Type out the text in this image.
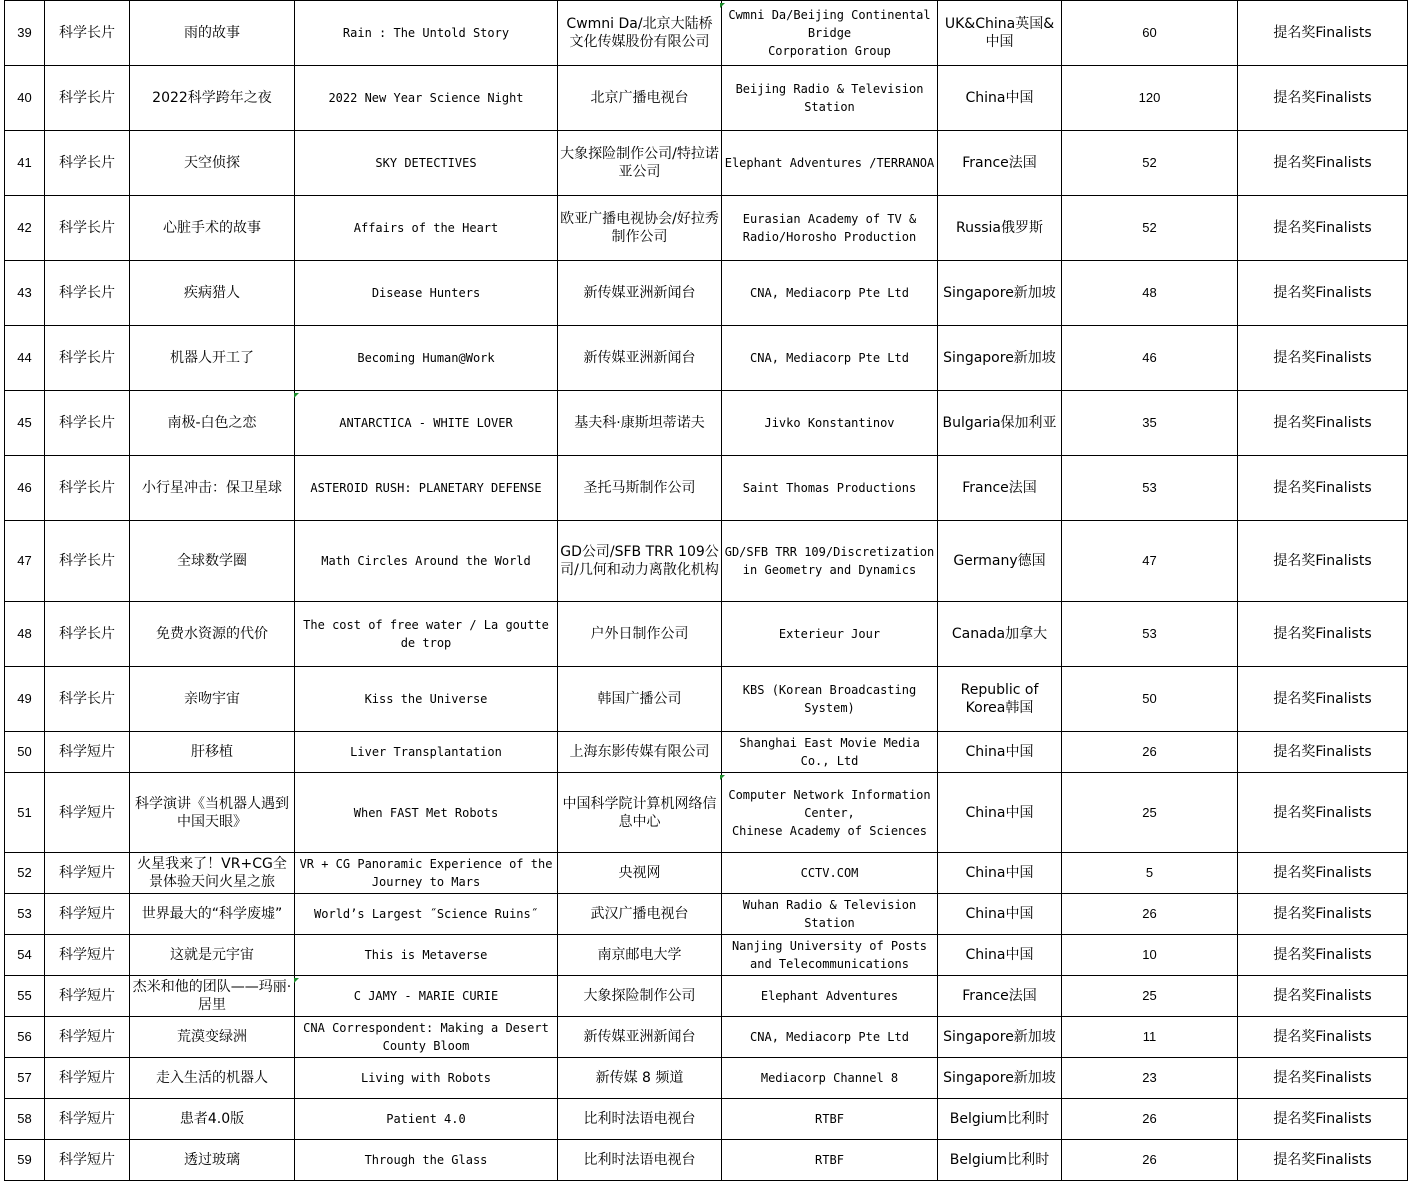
39	科学长片	雨的故事	Rain : The Untold Story	Cwmni Da/北京大陆桥文化传媒股份有限公司	Cwmni Da/Beijing Continental Bridge
Corporation Group	UK&China英国&中国	60	提名奖Finalists
40	科学长片	2022科学跨年之夜	2022 New Year Science Night	北京广播电视台	Beijing Radio & Television Station	China中国	120	提名奖Finalists
41	科学长片	天空侦探	SKY DETECTIVES	大象探险制作公司/特拉诺亚公司	Elephant Adventures /TERRANOA	France法国	52	提名奖Finalists
42	科学长片	心脏手术的故事	Affairs of the Heart	欧亚广播电视协会/好拉秀制作公司	Eurasian Academy of TV & Radio/Horosho Production	Russia俄罗斯	52	提名奖Finalists
43	科学长片	疾病猎人	Disease Hunters	新传媒亚洲新闻台	CNA, Mediacorp Pte Ltd	Singapore新加坡	48	提名奖Finalists
44	科学长片	机器人开工了	Becoming Human@Work	新传媒亚洲新闻台	CNA, Mediacorp Pte Ltd	Singapore新加坡	46	提名奖Finalists
45	科学长片	南极-白色之恋	ANTARCTICA - WHITE LOVER	基夫科·康斯坦蒂诺夫	Jivko Konstantinov	Bulgaria保加利亚	35	提名奖Finalists
46	科学长片	小行星冲击：保卫星球	ASTEROID RUSH: PLANETARY DEFENSE	圣托马斯制作公司	Saint Thomas Productions	France法国	53	提名奖Finalists
47	科学长片	全球数学圈	Math Circles Around the World	GD公司/SFB TRR 109公司/几何和动力离散化机构	GD/SFB TRR 109/Discretization in Geometry and Dynamics	Germany德国	47	提名奖Finalists
48	科学长片	免费水资源的代价	The cost of free water / La goutte de trop	户外日制作公司	Exterieur Jour	Canada加拿大	53	提名奖Finalists
49	科学长片	亲吻宇宙	Kiss the Universe	韩国广播公司	KBS (Korean Broadcasting System)	Republic of Korea韩国	50	提名奖Finalists
50	科学短片	肝移植	Liver Transplantation	上海东影传媒有限公司	Shanghai East Movie Media Co., Ltd	China中国	26	提名奖Finalists
51	科学短片	科学演讲《当机器人遇到中国天眼》	When FAST Met Robots	中国科学院计算机网络信息中心	Computer Network Information Center,
Chinese Academy of Sciences	China中国	25	提名奖Finalists
52	科学短片	火星我来了！VR+CG全景体验天问火星之旅	VR + CG Panoramic Experience of the Journey to Mars	央视网	CCTV.COM	China中国	5	提名奖Finalists
53	科学短片	世界最大的“科学废墟”	World’s Largest ˝Science Ruins˝	武汉广播电视台	Wuhan Radio & Television Station	China中国	26	提名奖Finalists
54	科学短片	这就是元宇宙	This is Metaverse	南京邮电大学	Nanjing University of Posts and Telecommunications	China中国	10	提名奖Finalists
55	科学短片	杰米和他的团队——玛丽·居里	C JAMY - MARIE CURIE	大象探险制作公司	Elephant Adventures	France法国	25	提名奖Finalists
56	科学短片	荒漠变绿洲	CNA Correspondent: Making a Desert County Bloom	新传媒亚洲新闻台	CNA, Mediacorp Pte Ltd	Singapore新加坡	11	提名奖Finalists
57	科学短片	走入生活的机器人	Living with Robots	新传媒 8 频道	Mediacorp Channel 8	Singapore新加坡	23	提名奖Finalists
58	科学短片	患者4.0版	Patient 4.0	比利时法语电视台	RTBF	Belgium比利时	26	提名奖Finalists
59	科学短片	透过玻璃	Through the Glass	比利时法语电视台	RTBF	Belgium比利时	26	提名奖Finalists
